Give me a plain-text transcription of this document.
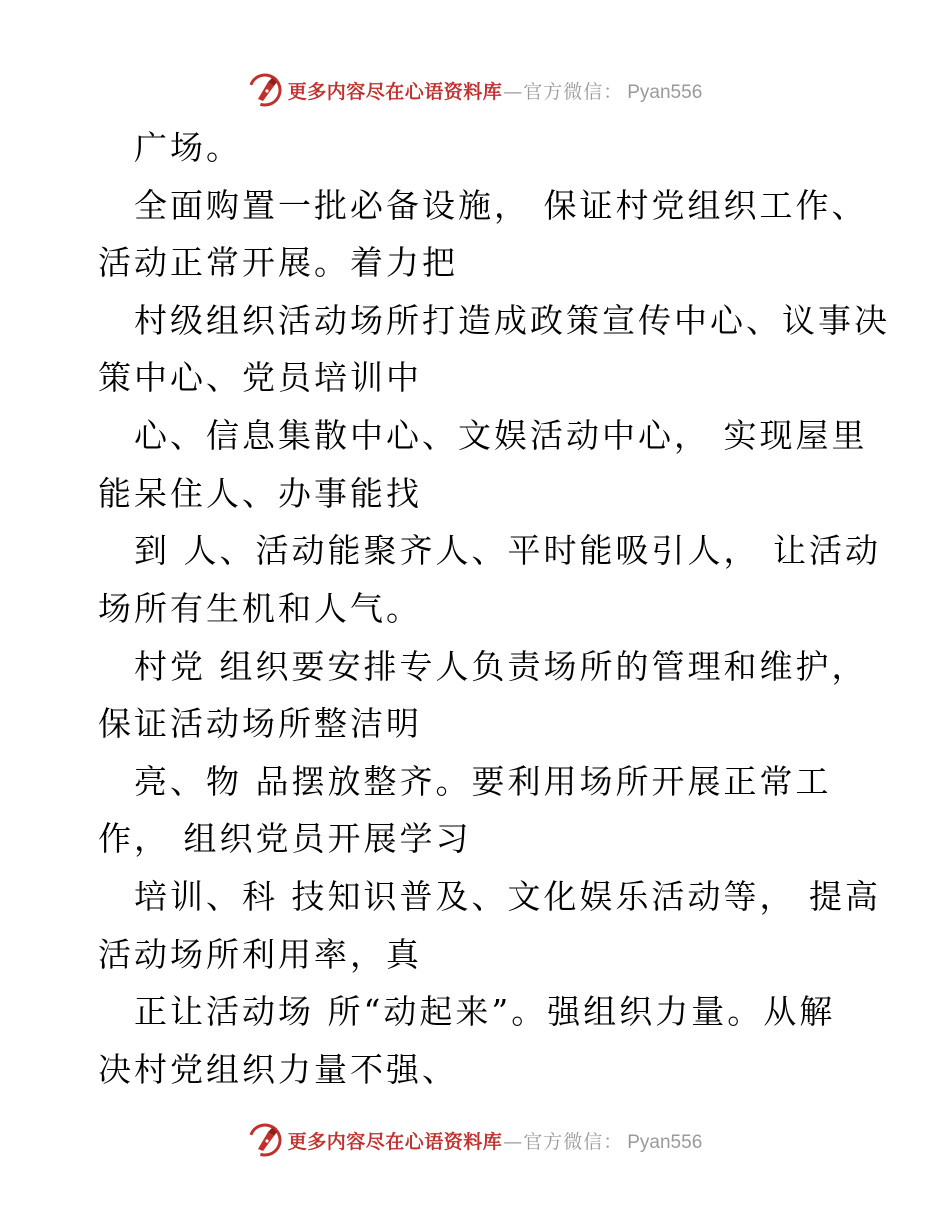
更多内容尽在心语资料库 — 官方微信： Pyan556
广场。
全面购置一批必备设施， 保证村党组织工作、
活动正常开展。着力把
村级组织活动场所打造成政策宣传中心、议事决
策中心、党员培训中
心、信息集散中心、文娱活动中心， 实现屋里
能呆住人、办事能找
到 人、活动能聚齐人、平时能吸引人， 让活动
场所有生机和人气。
村党 组织要安排专人负责场所的管理和维护，
保证活动场所整洁明
亮、物 品摆放整齐。要利用场所开展正常工
作， 组织党员开展学习
培训、科 技知识普及、文化娱乐活动等， 提高
活动场所利用率，真
正让活动场 所“动起来”。强组织力量。从解
决村党组织力量不强、
更多内容尽在心语资料库 — 官方微信： Pyan556
